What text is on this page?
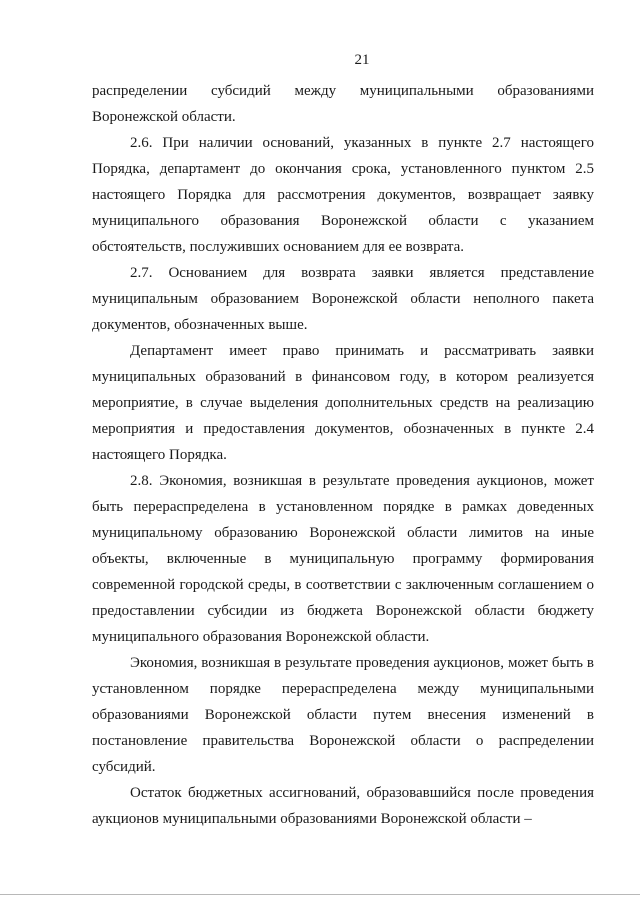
21

распределении субсидий между муниципальными образованиями Воронежской области.

2.6. При наличии оснований, указанных в пункте 2.7 настоящего Порядка, департамент до окончания срока, установленного пунктом 2.5 настоящего Порядка для рассмотрения документов, возвращает заявку муниципального образования Воронежской области с указанием обстоятельств, послуживших основанием для ее возврата.

2.7. Основанием для возврата заявки является представление муниципальным образованием Воронежской области неполного пакета документов, обозначенных выше.

Департамент имеет право принимать и рассматривать заявки муниципальных образований в финансовом году, в котором реализуется мероприятие, в случае выделения дополнительных средств на реализацию мероприятия и предоставления документов, обозначенных в пункте 2.4 настоящего Порядка.

2.8. Экономия, возникшая в результате проведения аукционов, может быть перераспределена в установленном порядке в рамках доведенных муниципальному образованию Воронежской области лимитов на иные объекты, включенные в муниципальную программу формирования современной городской среды, в соответствии с заключенным соглашением о предоставлении субсидии из бюджета Воронежской области бюджету муниципального образования Воронежской области.

Экономия, возникшая в результате проведения аукционов, может быть в установленном порядке перераспределена между муниципальными образованиями Воронежской области путем внесения изменений в постановление правительства Воронежской области о распределении субсидий.

Остаток бюджетных ассигнований, образовавшийся после проведения аукционов муниципальными образованиями Воронежской области –
